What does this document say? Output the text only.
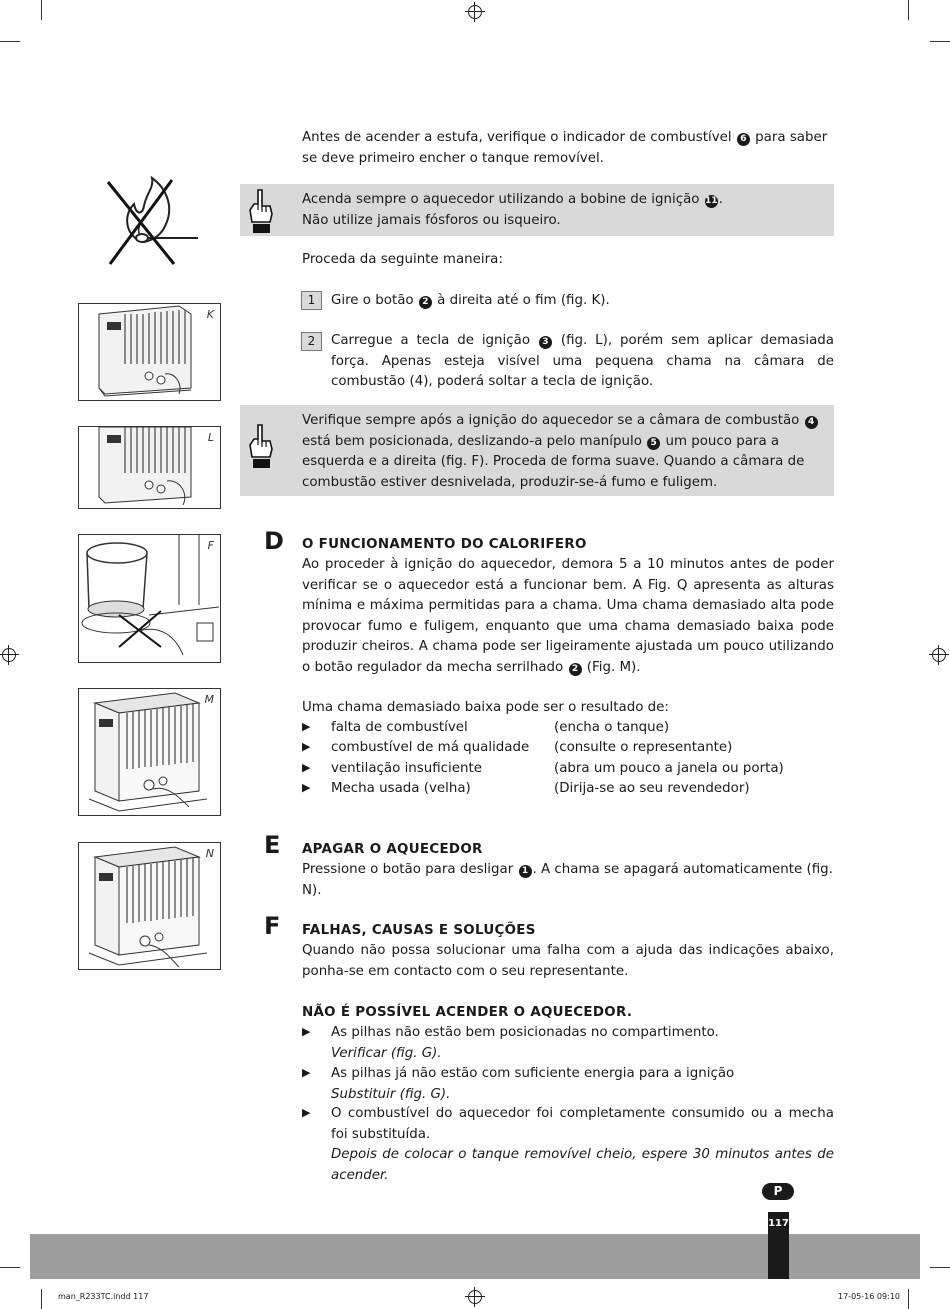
Antes de acender a estufa, verifique o indicador de combustível 6 para saber se deve primeiro encher o tanque removível.
Acenda sempre o aquecedor utilizando a bobine de ignição 11.
Não utilize jamais fósforos ou isqueiro.
Proceda da seguinte maneira:
1	Gire o botão 2 à direita até o fim (fig. K).
2	Carregue a tecla de ignição 3 (fig. L), porém sem aplicar demasiada força. Apenas esteja visível uma pequena chama na câmara de combustão (4), poderá soltar a tecla de ignição.
Verifique sempre após a ignição do aquecedor se a câmara de combustão 4 está bem posicionada, deslizando-a pelo manípulo 5 um pouco para a esquerda e a direita (fig. F). Proceda de forma suave. Quando a câmara de combustão estiver desnivelada, produzir-se-á fumo e fuligem.
K
L
F
M
N
D O FUNCIONAMENTO DO CALORIFERO
Ao proceder à ignição do aquecedor, demora 5 a 10 minutos antes de poder verificar se o aquecedor está a funcionar bem. A Fig. Q apresenta as alturas mínima e máxima permitidas para a chama. Uma chama demasiado alta pode provocar fumo e fuligem, enquanto que uma chama demasiado baixa pode produzir cheiros. A chama pode ser ligeiramente ajustada um pouco utilizando o botão regulador da mecha serrilhado 2 (Fig. M).
Uma chama demasiado baixa pode ser o resultado de:
▶ falta de combustível	(encha o tanque)
▶ combustível de má qualidade (consulte o representante)
▶ ventilação insuficiente	(abra um pouco a janela ou porta)
▶ Mecha usada (velha)	(Dirija-se ao seu revendedor)
E APAGAR O AQUECEDOR
Pressione o botão para desligar 1 . A chama se apagará automaticamente (fig. N).
F FALHAS, CAUSAS E SOLUÇÕES
Quando não possa solucionar uma falha com a ajuda das indicações abaixo, ponha-se em contacto com o seu representante.
NÃO É POSSÍVEL ACENDER O AQUECEDOR.
▶ As pilhas não estão bem posicionadas no compartimento.
Verificar (fig. G).
▶ As pilhas já não estão com suficiente energia para a ignição
Substituir (fig. G).
▶ O combustível do aquecedor foi completamente consumido ou a mecha foi substituída.
Depois de colocar o tanque removível cheio, espere 30 minutos antes de acender.
P
117
man_R233TC.indd 117	17-05-16 09:10
